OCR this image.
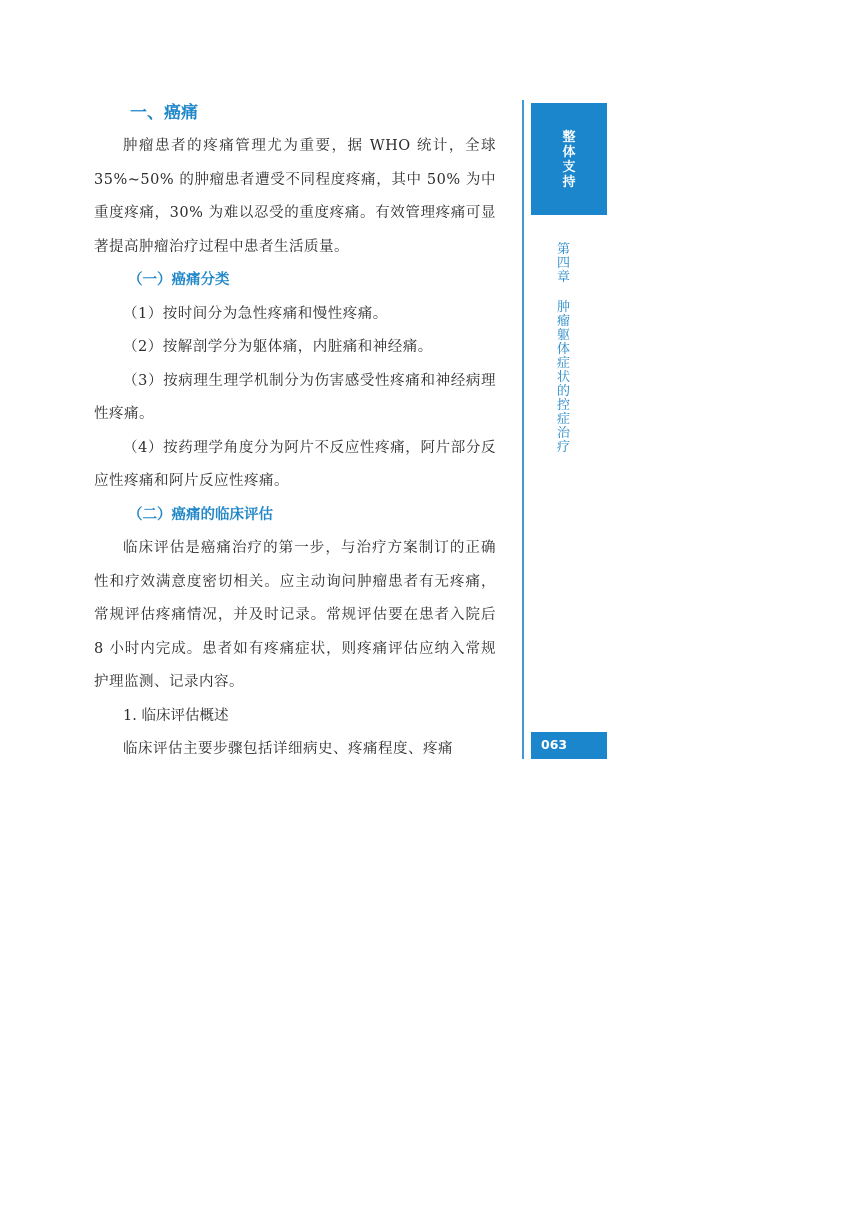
一、癌痛

肿瘤患者的疼痛管理尤为重要，据 WHO 统计，全球 35%~50% 的肿瘤患者遭受不同程度疼痛，其中 50% 为中重度疼痛，30% 为难以忍受的重度疼痛。有效管理疼痛可显著提高肿瘤治疗过程中患者生活质量。

（一）癌痛分类

（1）按时间分为急性疼痛和慢性疼痛。

（2）按解剖学分为躯体痛，内脏痛和神经痛。

（3）按病理生理学机制分为伤害感受性疼痛和神经病理性疼痛。

（4）按药理学角度分为阿片不反应性疼痛，阿片部分反应性疼痛和阿片反应性疼痛。

（二）癌痛的临床评估

临床评估是癌痛治疗的第一步，与治疗方案制订的正确性和疗效满意度密切相关。应主动询问肿瘤患者有无疼痛，常规评估疼痛情况，并及时记录。常规评估要在患者入院后 8 小时内完成。患者如有疼痛症状，则疼痛评估应纳入常规护理监测、记录内容。

1. 临床评估概述

临床评估主要步骤包括详细病史、疼痛程度、疼痛

整体支持
第四章
肿瘤躯体症状的控症治疗
063
